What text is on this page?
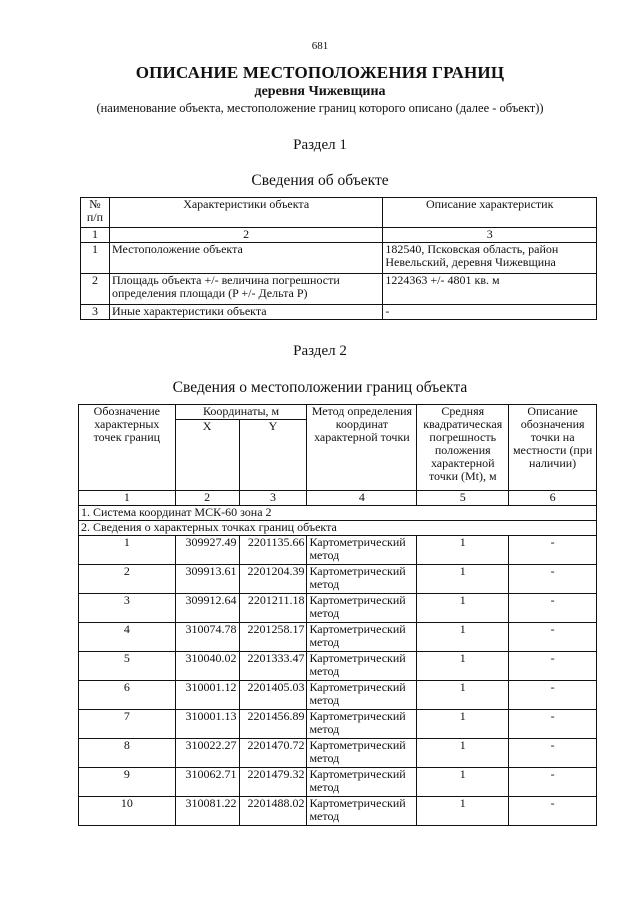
681
ОПИСАНИЕ МЕСТОПОЛОЖЕНИЯ ГРАНИЦ
деревня Чижевщина
(наименование объекта, местоположение границ которого описано (далее - объект))
Раздел 1
Сведения об объекте
№ п/п	Характеристики объекта	Описание характеристик
1	2	3
1	Местоположение объекта	182540, Псковская область, район Невельский, деревня Чижевщина
2	Площадь объекта +/- величина погрешности определения площади (P +/- Дельта P)	1224363 +/- 4801 кв. м
3	Иные характеристики объекта	-
Раздел 2
Сведения о местоположении границ объекта
Обозначение характерных точек границ	Координаты, м		Метод определения координат характерной точки	Средняя квадратическая погрешность положения характерной точки (Mt), м	Описание обозначения точки на местности (при наличии)
	X	Y			
1	2	3	4	5	6
1. Система координат МСК-60 зона 2					
2. Сведения о характерных точках границ объекта					
1	309927.49	2201135.66	Картометрический метод	1	-
2	309913.61	2201204.39	Картометрический метод	1	-
3	309912.64	2201211.18	Картометрический метод	1	-
4	310074.78	2201258.17	Картометрический метод	1	-
5	310040.02	2201333.47	Картометрический метод	1	-
6	310001.12	2201405.03	Картометрический метод	1	-
7	310001.13	2201456.89	Картометрический метод	1	-
8	310022.27	2201470.72	Картометрический метод	1	-
9	310062.71	2201479.32	Картометрический метод	1	-
10	310081.22	2201488.02	Картометрический метод	1	-
